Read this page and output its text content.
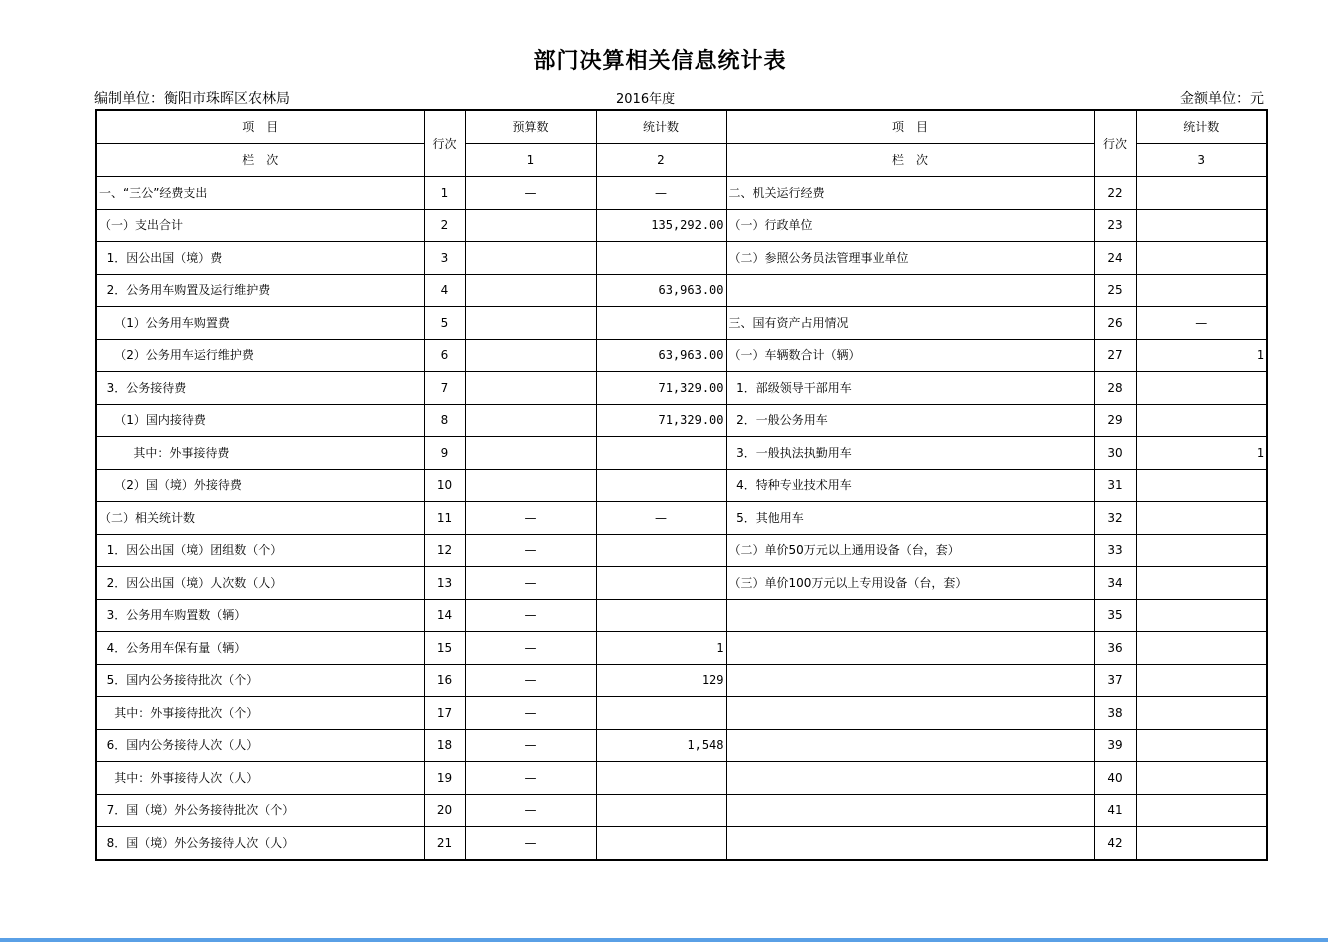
部门决算相关信息统计表
编制单位：衡阳市珠晖区农林局	2016年度	金额单位：元
项　目	行次	预算数	统计数	项　目	行次	统计数
栏　次		1	2	栏　次		3
一、“三公”经费支出	1	—	—	二、机关运行经费	22	
（一）支出合计	2		135,292.00	（一）行政单位	23	
1．因公出国（境）费	3			（二）参照公务员法管理事业单位	24	
2．公务用车购置及运行维护费	4		63,963.00		25	
（1）公务用车购置费	5			三、国有资产占用情况	26	—
（2）公务用车运行维护费	6		63,963.00	（一）车辆数合计（辆）	27	1
3．公务接待费	7		71,329.00	1．部级领导干部用车	28	
（1）国内接待费	8		71,329.00	2．一般公务用车	29	
其中：外事接待费	9			3．一般执法执勤用车	30	1
（2）国（境）外接待费	10			4．特种专业技术用车	31	
（二）相关统计数	11	—	—	5．其他用车	32	
1．因公出国（境）团组数（个）	12	—		（二）单价50万元以上通用设备（台，套）	33	
2．因公出国（境）人次数（人）	13	—		（三）单价100万元以上专用设备（台，套）	34	
3．公务用车购置数（辆）	14	—			35	
4．公务用车保有量（辆）	15	—	1		36	
5．国内公务接待批次（个）	16	—	129		37	
其中：外事接待批次（个）	17	—			38	
6．国内公务接待人次（人）	18	—	1,548		39	
其中：外事接待人次（人）	19	—			40	
7．国（境）外公务接待批次（个）	20	—			41	
8．国（境）外公务接待人次（人）	21	—			42	
